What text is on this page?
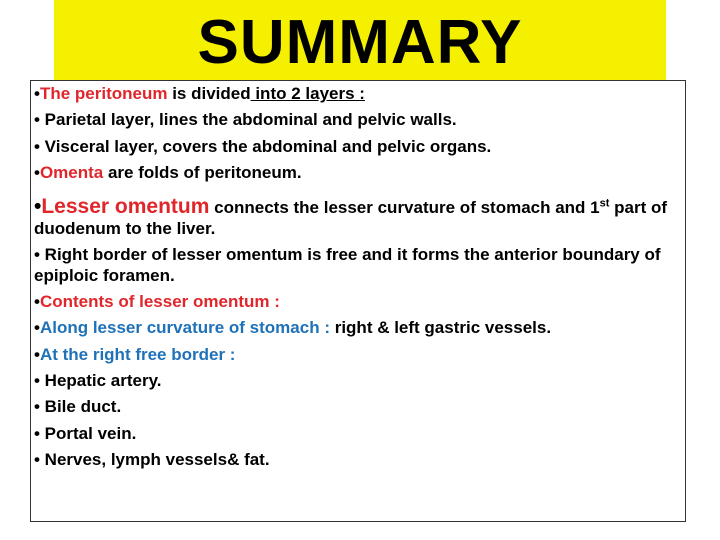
SUMMARY

•The peritoneum is divided into 2 layers :

• Parietal layer, lines the abdominal and pelvic walls.

• Visceral layer, covers the abdominal and pelvic organs.

•Omenta are folds of peritoneum.

•Lesser omentum connects the lesser curvature of stomach and 1st part of duodenum to the liver.

• Right border of lesser omentum is free and it forms the anterior boundary of epiploic foramen.

•Contents of lesser omentum :

•Along lesser curvature of stomach : right & left gastric vessels.

•At the right free border :

• Hepatic artery.

• Bile duct.

• Portal vein.

• Nerves, lymph vessels& fat.
